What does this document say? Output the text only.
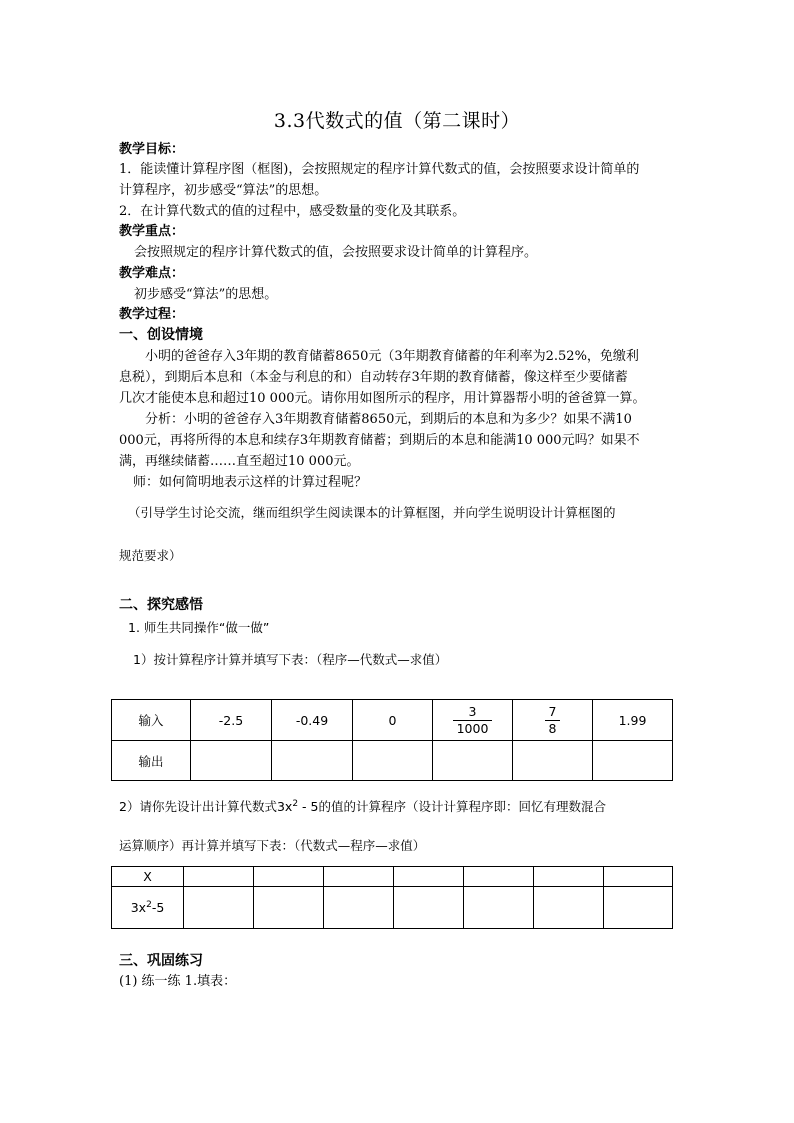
3.3代数式的值（第二课时）
教学目标：
1．能读懂计算程序图（框图)，会按照规定的程序计算代数式的值，会按照要求设计简单的
计算程序，初步感受“算法”的思想。
2．在计算代数式的值的过程中，感受数量的变化及其联系。
教学重点：
会按照规定的程序计算代数式的值，会按照要求设计简单的计算程序。
教学难点：
初步感受“算法”的思想。
教学过程：
一、创设情境
小明的爸爸存入3年期的教育储蓄8650元（3年期教育储蓄的年利率为2.52%，免缴利
息税），到期后本息和（本金与利息的和）自动转存3年期的教育储蓄，像这样至少要储蓄
几次才能使本息和超过10 000元。请你用如图所示的程序，用计算器帮小明的爸爸算一算。
分析：小明的爸爸存入3年期教育储蓄8650元，到期后的本息和为多少？如果不满10
000元，再将所得的本息和续存3年期教育储蓄；到期后的本息和能满10 000元吗？如果不
满，再继续储蓄……直至超过10 000元。
师：如何简明地表示这样的计算过程呢？
（引导学生讨论交流，继而组织学生阅读课本的计算框图，并向学生说明设计计算框图的
规范要求）
二、探究感悟
1. 师生共同操作“做一做”
1）按计算程序计算并填写下表：（程序—代数式—求值）
输入	-2.5	-0.49	0	$\frac{3}{1000}$	$\frac{7}{8}$	1.99
输出						
2）请你先设计出计算代数式$3x^2 - 5$的值的计算程序（设计计算程序即：回忆有理数混合
运算顺序）再计算并填写下表：（代数式—程序—求值）
X							
$3x^2-5$							
三、巩固练习
(1) 练一练 1.填表：
